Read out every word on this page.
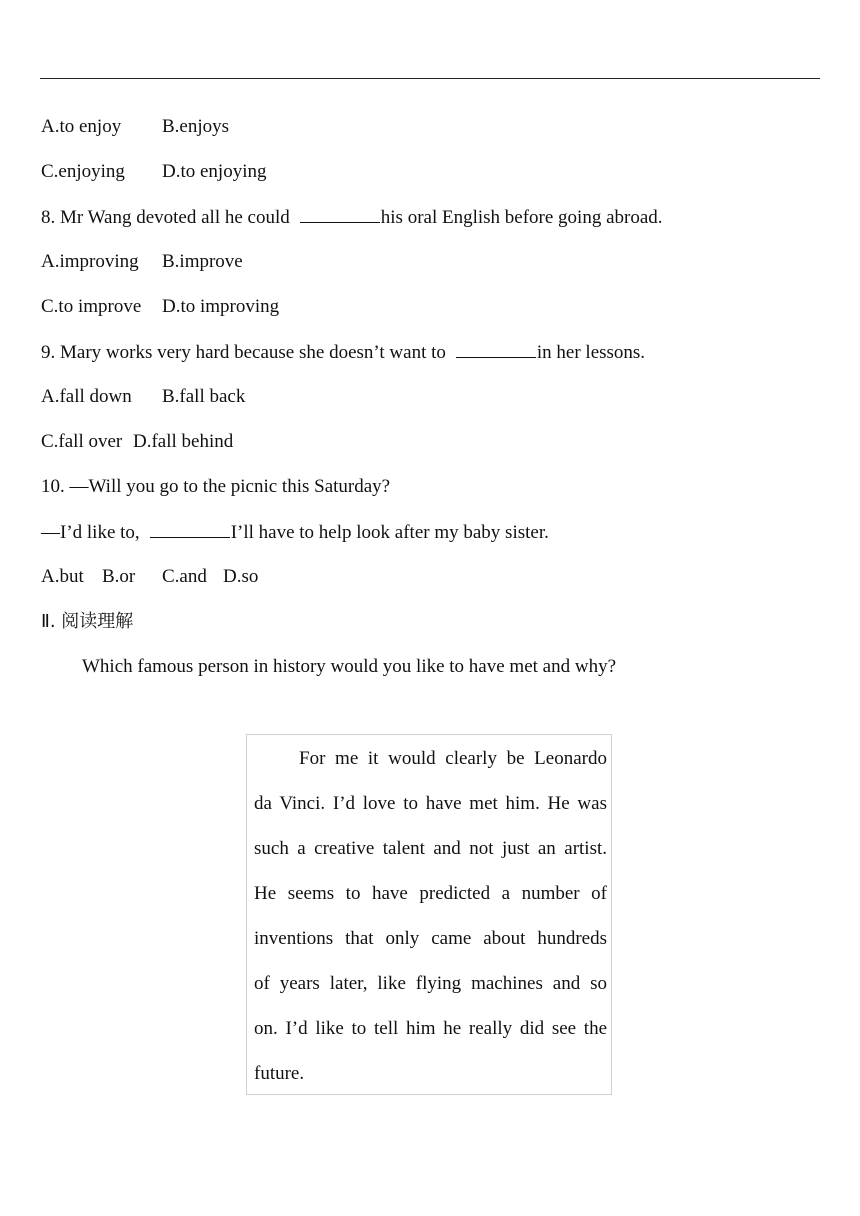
A.to enjoy B.enjoys
C.enjoying D.to enjoying
8. Mr Wang devoted all he could	his oral English before going abroad.
A.improving B.improve
C.to improve D.to improving
9. Mary works very hard because she doesn’t want to	in her lessons.
A.fall down B.fall back
C.fall over D.fall behind
10. —Will you go to the picnic this Saturday?
—I’d like to,	I’ll have to help look after my baby sister.
A.but B.or C.and D.so
Ⅱ. 阅读理解
Which famous person in history would you like to have met and why?
For me it would clearly be Leonardo
da Vinci. I’d love to have met him. He was
such a creative talent and not just an artist.
He seems to have predicted a number of
inventions that only came about hundreds
of years later, like flying machines and so
on. I’d like to tell him he really did see the
future.
